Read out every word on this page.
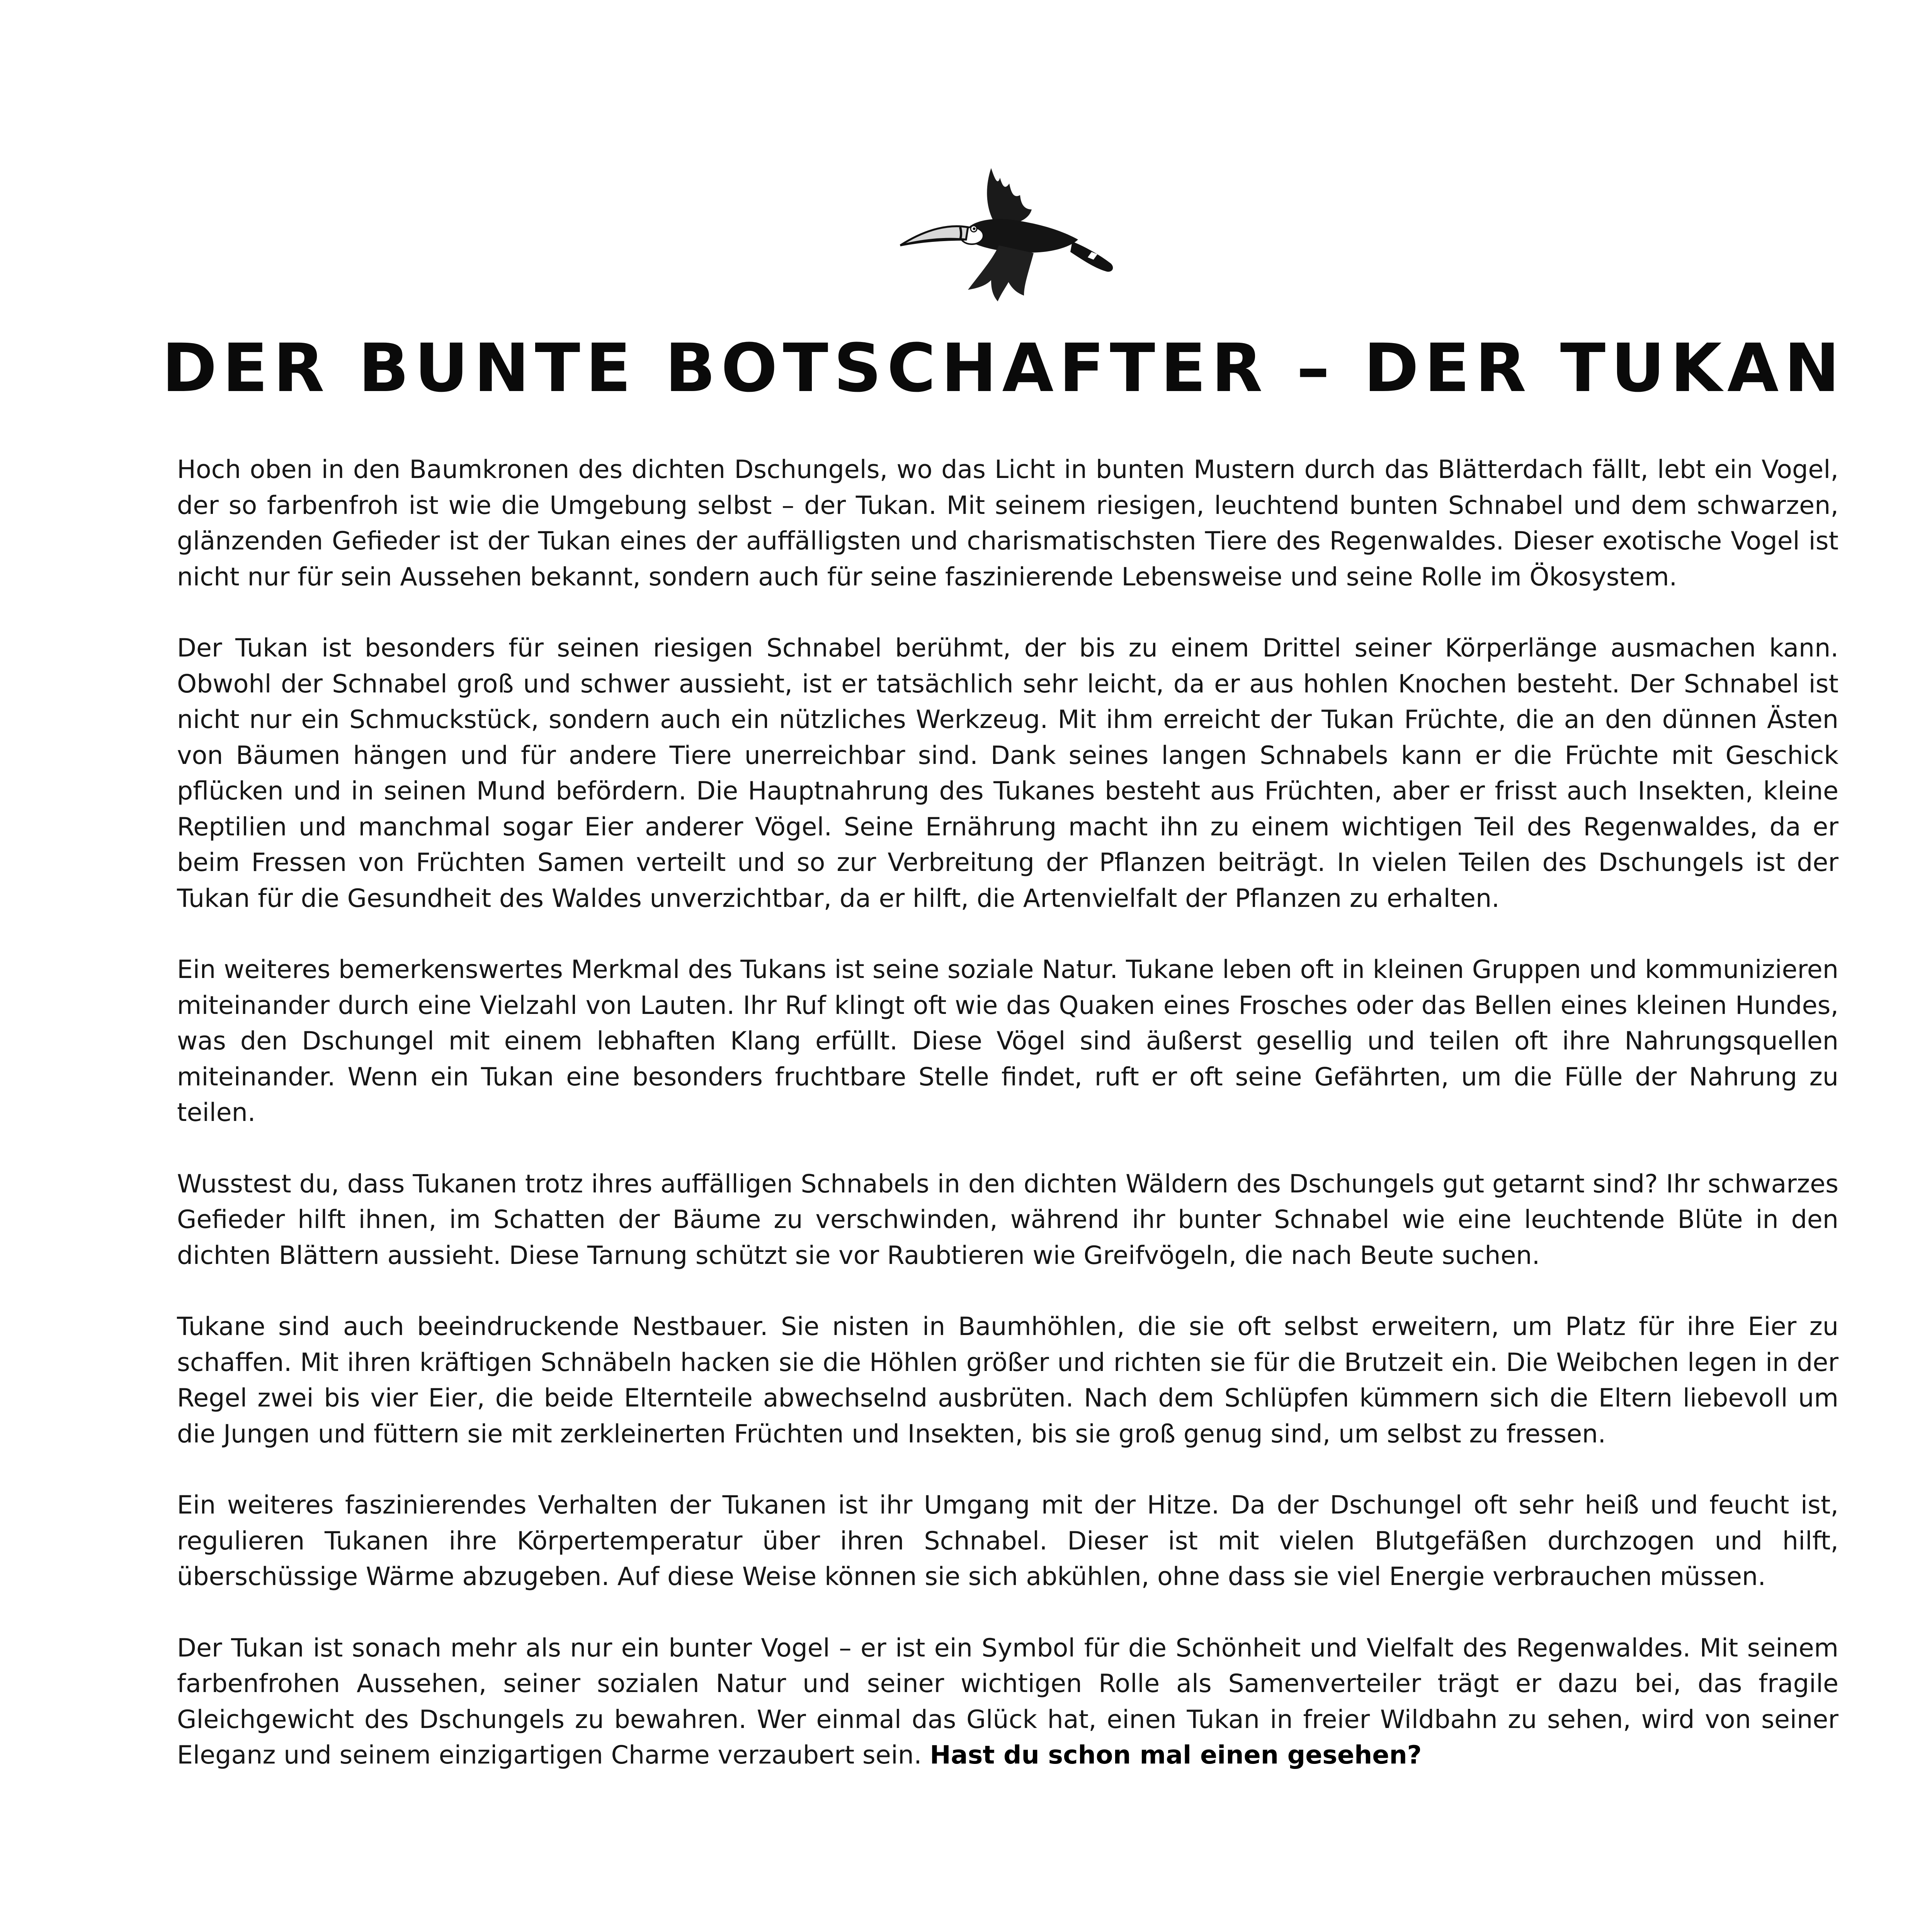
DER BUNTE BOTSCHAFTER – DER TUKAN

Hoch oben in den Baumkronen des dichten Dschungels, wo das Licht in bunten Mustern durch das Blätterdach fällt, lebt ein Vogel, der so farbenfroh ist wie die Umgebung selbst – der Tukan. Mit seinem riesigen, leuchtend bunten Schnabel und dem schwarzen, glänzenden Gefieder ist der Tukan eines der auffälligsten und charismatischsten Tiere des Regenwaldes. Dieser exotische Vogel ist nicht nur für sein Aussehen bekannt, sondern auch für seine faszinierende Lebensweise und seine Rolle im Ökosystem.

Der Tukan ist besonders für seinen riesigen Schnabel berühmt, der bis zu einem Drittel seiner Körperlänge ausmachen kann. Obwohl der Schnabel groß und schwer aussieht, ist er tatsächlich sehr leicht, da er aus hohlen Knochen besteht. Der Schnabel ist nicht nur ein Schmuckstück, sondern auch ein nützliches Werkzeug. Mit ihm erreicht der Tukan Früchte, die an den dünnen Ästen von Bäumen hängen und für andere Tiere unerreichbar sind. Dank seines langen Schnabels kann er die Früchte mit Geschick pflücken und in seinen Mund befördern. Die Hauptnahrung des Tukanes besteht aus Früchten, aber er frisst auch Insekten, kleine Reptilien und manchmal sogar Eier anderer Vögel. Seine Ernährung macht ihn zu einem wichtigen Teil des Regenwaldes, da er beim Fressen von Früchten Samen verteilt und so zur Verbreitung der Pflanzen beiträgt. In vielen Teilen des Dschungels ist der Tukan für die Gesundheit des Waldes unverzichtbar, da er hilft, die Artenvielfalt der Pflanzen zu erhalten.

Ein weiteres bemerkenswertes Merkmal des Tukans ist seine soziale Natur. Tukane leben oft in kleinen Gruppen und kommunizieren miteinander durch eine Vielzahl von Lauten. Ihr Ruf klingt oft wie das Quaken eines Frosches oder das Bellen eines kleinen Hundes, was den Dschungel mit einem lebhaften Klang erfüllt. Diese Vögel sind äußerst gesellig und teilen oft ihre Nahrungsquellen miteinander. Wenn ein Tukan eine besonders fruchtbare Stelle findet, ruft er oft seine Gefährten, um die Fülle der Nahrung zu teilen.

Wusstest du, dass Tukanen trotz ihres auffälligen Schnabels in den dichten Wäldern des Dschungels gut getarnt sind? Ihr schwarzes Gefieder hilft ihnen, im Schatten der Bäume zu verschwinden, während ihr bunter Schnabel wie eine leuchtende Blüte in den dichten Blättern aussieht. Diese Tarnung schützt sie vor Raubtieren wie Greifvögeln, die nach Beute suchen.

Tukane sind auch beeindruckende Nestbauer. Sie nisten in Baumhöhlen, die sie oft selbst erweitern, um Platz für ihre Eier zu schaffen. Mit ihren kräftigen Schnäbeln hacken sie die Höhlen größer und richten sie für die Brutzeit ein. Die Weibchen legen in der Regel zwei bis vier Eier, die beide Elternteile abwechselnd ausbrüten. Nach dem Schlüpfen kümmern sich die Eltern liebevoll um die Jungen und füttern sie mit zerkleinerten Früchten und Insekten, bis sie groß genug sind, um selbst zu fressen.

Ein weiteres faszinierendes Verhalten der Tukanen ist ihr Umgang mit der Hitze. Da der Dschungel oft sehr heiß und feucht ist, regulieren Tukanen ihre Körpertemperatur über ihren Schnabel. Dieser ist mit vielen Blutgefäßen durchzogen und hilft, überschüssige Wärme abzugeben. Auf diese Weise können sie sich abkühlen, ohne dass sie viel Energie verbrauchen müssen.

Der Tukan ist sonach mehr als nur ein bunter Vogel – er ist ein Symbol für die Schönheit und Vielfalt des Regenwaldes. Mit seinem farbenfrohen Aussehen, seiner sozialen Natur und seiner wichtigen Rolle als Samenverteiler trägt er dazu bei, das fragile Gleichgewicht des Dschungels zu bewahren. Wer einmal das Glück hat, einen Tukan in freier Wildbahn zu sehen, wird von seiner Eleganz und seinem einzigartigen Charme verzaubert sein. Hast du schon mal einen gesehen?
